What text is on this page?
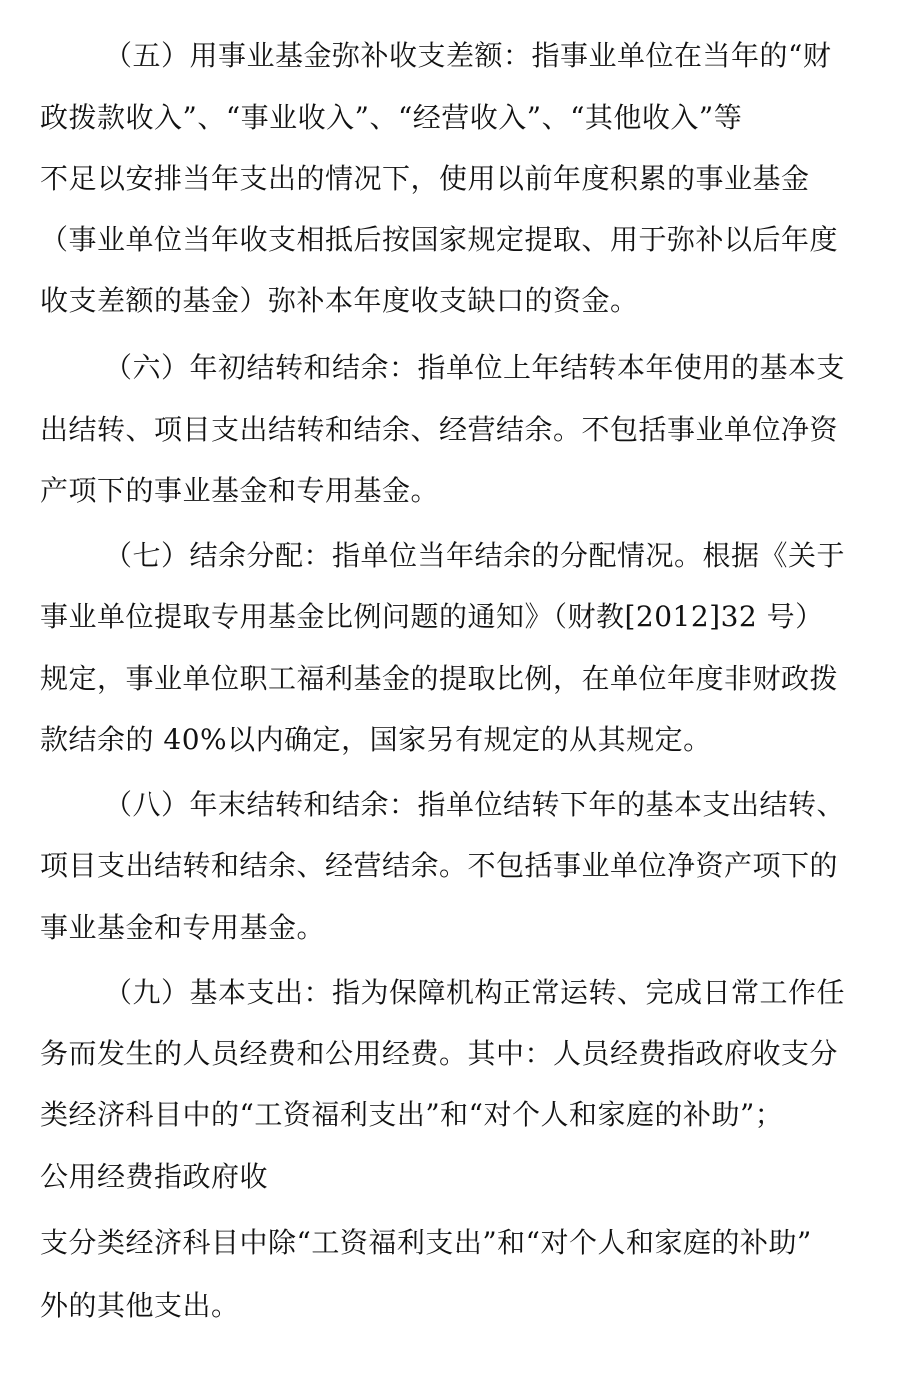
（五）用事业基金弥补收支差额：指事业单位在当年的“财
政拨款收入”、“事业收入”、“经营收入”、“其他收入”等
不足以安排当年支出的情况下，使用以前年度积累的事业基金
（事业单位当年收支相抵后按国家规定提取、用于弥补以后年度
收支差额的基金）弥补本年度收支缺口的资金。
（六）年初结转和结余：指单位上年结转本年使用的基本支
出结转、项目支出结转和结余、经营结余。不包括事业单位净资
产项下的事业基金和专用基金。
（七）结余分配：指单位当年结余的分配情况。根据《关于
事业单位提取专用基金比例问题的通知》（财教[2012]32 号）
规定，事业单位职工福利基金的提取比例，在单位年度非财政拨
款结余的 40%以内确定，国家另有规定的从其规定。
（八）年末结转和结余：指单位结转下年的基本支出结转、
项目支出结转和结余、经营结余。不包括事业单位净资产项下的
事业基金和专用基金。
（九）基本支出：指为保障机构正常运转、完成日常工作任
务而发生的人员经费和公用经费。其中：人员经费指政府收支分
类经济科目中的“工资福利支出”和“对个人和家庭的补助”；
公用经费指政府收
支分类经济科目中除“工资福利支出”和“对个人和家庭的补助”
外的其他支出。
